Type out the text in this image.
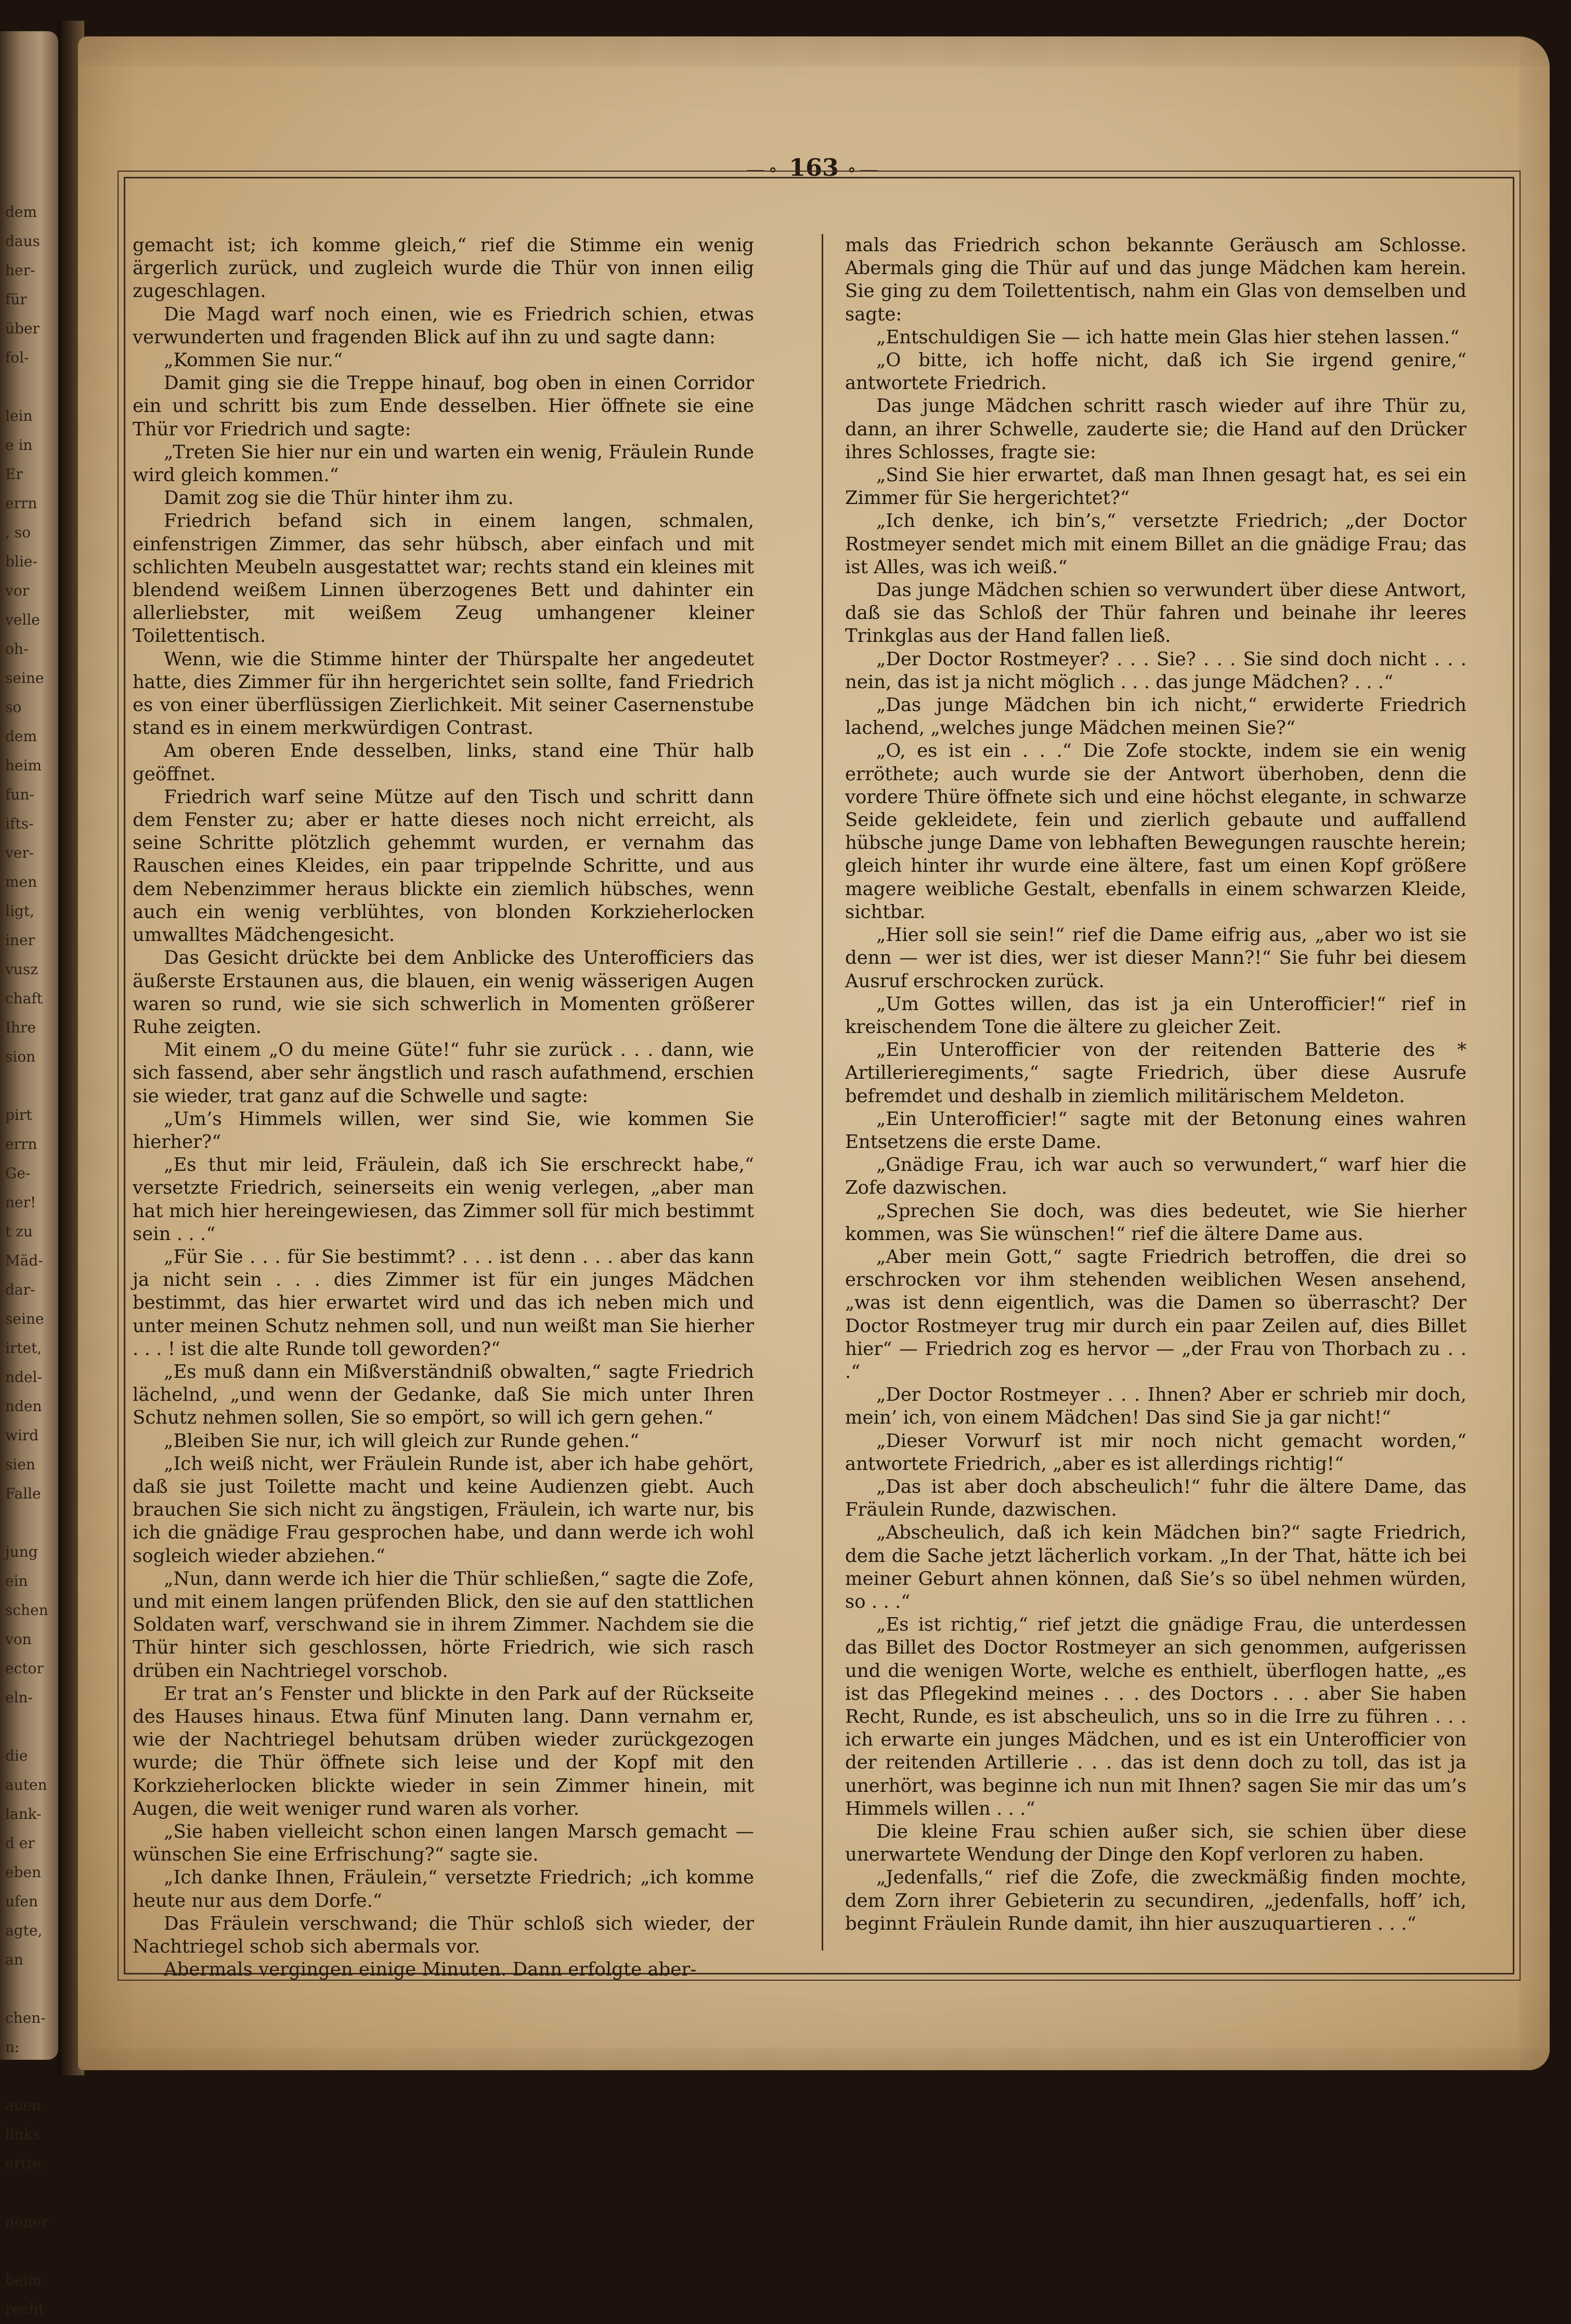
dem
daus
her-
für
über
fol-

lein
e in
Er
errn
, so
blie-
vor
velle
oh-
seine
so
dem
heim
fun-
ifts-
ver-
men
ligt,
iner
vusz
chaft
Ihre
sion

pirt
errn
Ge-
ner!
t zu
Mäd-
dar-
seine
irtet,
ndel-
nden
wird
sien
Falle

jung
ein
schen
von
ector
eln-

die
auten
lank-
d er
eben
ufen
agte,
an

chen-
n:

auen-
links
ertte,

nener

beim
recht
—∘ 163 ∘—

gemacht ist; ich komme gleich,“ rief die Stimme ein wenig ärgerlich zurück, und zugleich wurde die Thür von innen eilig zugeschlagen.

Die Magd warf noch einen, wie es Friedrich schien, etwas verwunderten und fragenden Blick auf ihn zu und sagte dann:

„Kommen Sie nur.“

Damit ging sie die Treppe hinauf, bog oben in einen Corridor ein und schritt bis zum Ende desselben. Hier öffnete sie eine Thür vor Friedrich und sagte:

„Treten Sie hier nur ein und warten ein wenig, Fräulein Runde wird gleich kommen.“

Damit zog sie die Thür hinter ihm zu.

Friedrich befand sich in einem langen, schmalen, einfenstrigen Zimmer, das sehr hübsch, aber einfach und mit schlichten Meubeln ausgestattet war; rechts stand ein kleines mit blendend weißem Linnen überzogenes Bett und dahinter ein allerliebster, mit weißem Zeug umhangener kleiner Toilettentisch.

Wenn, wie die Stimme hinter der Thürspalte her angedeutet hatte, dies Zimmer für ihn hergerichtet sein sollte, fand Friedrich es von einer überflüssigen Zierlichkeit. Mit seiner Casernenstube stand es in einem merkwürdigen Contrast.

Am oberen Ende desselben, links, stand eine Thür halb geöffnet.

Friedrich warf seine Mütze auf den Tisch und schritt dann dem Fenster zu; aber er hatte dieses noch nicht erreicht, als seine Schritte plötzlich gehemmt wurden, er vernahm das Rauschen eines Kleides, ein paar trippelnde Schritte, und aus dem Nebenzimmer heraus blickte ein ziemlich hübsches, wenn auch ein wenig verblühtes, von blonden Korkzieherlocken umwalltes Mädchengesicht.

Das Gesicht drückte bei dem Anblicke des Unterofficiers das äußerste Erstaunen aus, die blauen, ein wenig wässerigen Augen waren so rund, wie sie sich schwerlich in Momenten größerer Ruhe zeigten.

Mit einem „O du meine Güte!“ fuhr sie zurück . . . dann, wie sich fassend, aber sehr ängstlich und rasch aufathmend, erschien sie wieder, trat ganz auf die Schwelle und sagte:

„Um’s Himmels willen, wer sind Sie, wie kommen Sie hierher?“

„Es thut mir leid, Fräulein, daß ich Sie erschreckt habe,“ versetzte Friedrich, seinerseits ein wenig verlegen, „aber man hat mich hier hereingewiesen, das Zimmer soll für mich bestimmt sein . . .“

„Für Sie . . . für Sie bestimmt? . . . ist denn . . . aber das kann ja nicht sein . . . dies Zimmer ist für ein junges Mädchen bestimmt, das hier erwartet wird und das ich neben mich und unter meinen Schutz nehmen soll, und nun weißt man Sie hierher . . . ! ist die alte Runde toll geworden?“

„Es muß dann ein Mißverständniß obwalten,“ sagte Friedrich lächelnd, „und wenn der Gedanke, daß Sie mich unter Ihren Schutz nehmen sollen, Sie so empört, so will ich gern gehen.“

„Bleiben Sie nur, ich will gleich zur Runde gehen.“

„Ich weiß nicht, wer Fräulein Runde ist, aber ich habe gehört, daß sie just Toilette macht und keine Audienzen giebt. Auch brauchen Sie sich nicht zu ängstigen, Fräulein, ich warte nur, bis ich die gnädige Frau gesprochen habe, und dann werde ich wohl sogleich wieder abziehen.“

„Nun, dann werde ich hier die Thür schließen,“ sagte die Zofe, und mit einem langen prüfenden Blick, den sie auf den stattlichen Soldaten warf, verschwand sie in ihrem Zimmer. Nachdem sie die Thür hinter sich geschlossen, hörte Friedrich, wie sich rasch drüben ein Nachtriegel vorschob.

Er trat an’s Fenster und blickte in den Park auf der Rückseite des Hauses hinaus. Etwa fünf Minuten lang. Dann vernahm er, wie der Nachtriegel behutsam drüben wieder zurückgezogen wurde; die Thür öffnete sich leise und der Kopf mit den Korkzieherlocken blickte wieder in sein Zimmer hinein, mit Augen, die weit weniger rund waren als vorher.

„Sie haben vielleicht schon einen langen Marsch gemacht — wünschen Sie eine Erfrischung?“ sagte sie.

„Ich danke Ihnen, Fräulein,“ versetzte Friedrich; „ich komme heute nur aus dem Dorfe.“

Das Fräulein verschwand; die Thür schloß sich wieder, der Nachtriegel schob sich abermals vor.

Abermals vergingen einige Minuten. Dann erfolgte aber-

mals das Friedrich schon bekannte Geräusch am Schlosse. Abermals ging die Thür auf und das junge Mädchen kam herein. Sie ging zu dem Toilettentisch, nahm ein Glas von demselben und sagte:

„Entschuldigen Sie — ich hatte mein Glas hier stehen lassen.“

„O bitte, ich hoffe nicht, daß ich Sie irgend genire,“ antwortete Friedrich.

Das junge Mädchen schritt rasch wieder auf ihre Thür zu, dann, an ihrer Schwelle, zauderte sie; die Hand auf den Drücker ihres Schlosses, fragte sie:

„Sind Sie hier erwartet, daß man Ihnen gesagt hat, es sei ein Zimmer für Sie hergerichtet?“

„Ich denke, ich bin’s,“ versetzte Friedrich; „der Doctor Rostmeyer sendet mich mit einem Billet an die gnädige Frau; das ist Alles, was ich weiß.“

Das junge Mädchen schien so verwundert über diese Antwort, daß sie das Schloß der Thür fahren und beinahe ihr leeres Trinkglas aus der Hand fallen ließ.

„Der Doctor Rostmeyer? . . . Sie? . . . Sie sind doch nicht . . . nein, das ist ja nicht möglich . . . das junge Mädchen? . . .“

„Das junge Mädchen bin ich nicht,“ erwiderte Friedrich lachend, „welches junge Mädchen meinen Sie?“

„O, es ist ein . . .“ Die Zofe stockte, indem sie ein wenig erröthete; auch wurde sie der Antwort überhoben, denn die vordere Thüre öffnete sich und eine höchst elegante, in schwarze Seide gekleidete, fein und zierlich gebaute und auffallend hübsche junge Dame von lebhaften Bewegungen rauschte herein; gleich hinter ihr wurde eine ältere, fast um einen Kopf größere magere weibliche Gestalt, ebenfalls in einem schwarzen Kleide, sichtbar.

„Hier soll sie sein!“ rief die Dame eifrig aus, „aber wo ist sie denn — wer ist dies, wer ist dieser Mann?!“ Sie fuhr bei diesem Ausruf erschrocken zurück.

„Um Gottes willen, das ist ja ein Unterofficier!“ rief in kreischendem Tone die ältere zu gleicher Zeit.

„Ein Unterofficier von der reitenden Batterie des * Artillerieregiments,“ sagte Friedrich, über diese Ausrufe befremdet und deshalb in ziemlich militärischem Meldeton.

„Ein Unterofficier!“ sagte mit der Betonung eines wahren Entsetzens die erste Dame.

„Gnädige Frau, ich war auch so verwundert,“ warf hier die Zofe dazwischen.

„Sprechen Sie doch, was dies bedeutet, wie Sie hierher kommen, was Sie wünschen!“ rief die ältere Dame aus.

„Aber mein Gott,“ sagte Friedrich betroffen, die drei so erschrocken vor ihm stehenden weiblichen Wesen ansehend, „was ist denn eigentlich, was die Damen so überrascht? Der Doctor Rostmeyer trug mir durch ein paar Zeilen auf, dies Billet hier“ — Friedrich zog es hervor — „der Frau von Thorbach zu . . .“

„Der Doctor Rostmeyer . . . Ihnen? Aber er schrieb mir doch, mein’ ich, von einem Mädchen! Das sind Sie ja gar nicht!“

„Dieser Vorwurf ist mir noch nicht gemacht worden,“ antwortete Friedrich, „aber es ist allerdings richtig!“

„Das ist aber doch abscheulich!“ fuhr die ältere Dame, das Fräulein Runde, dazwischen.

„Abscheulich, daß ich kein Mädchen bin?“ sagte Friedrich, dem die Sache jetzt lächerlich vorkam. „In der That, hätte ich bei meiner Geburt ahnen können, daß Sie’s so übel nehmen würden, so . . .“

„Es ist richtig,“ rief jetzt die gnädige Frau, die unterdessen das Billet des Doctor Rostmeyer an sich genommen, aufgerissen und die wenigen Worte, welche es enthielt, überflogen hatte, „es ist das Pflegekind meines . . . des Doctors . . . aber Sie haben Recht, Runde, es ist abscheulich, uns so in die Irre zu führen . . . ich erwarte ein junges Mädchen, und es ist ein Unterofficier von der reitenden Artillerie . . . das ist denn doch zu toll, das ist ja unerhört, was beginne ich nun mit Ihnen? sagen Sie mir das um’s Himmels willen . . .“

Die kleine Frau schien außer sich, sie schien über diese unerwartete Wendung der Dinge den Kopf verloren zu haben.

„Jedenfalls,“ rief die Zofe, die zweckmäßig finden mochte, dem Zorn ihrer Gebieterin zu secundiren, „jedenfalls, hoff’ ich, beginnt Fräulein Runde damit, ihn hier auszuquartieren . . .“
